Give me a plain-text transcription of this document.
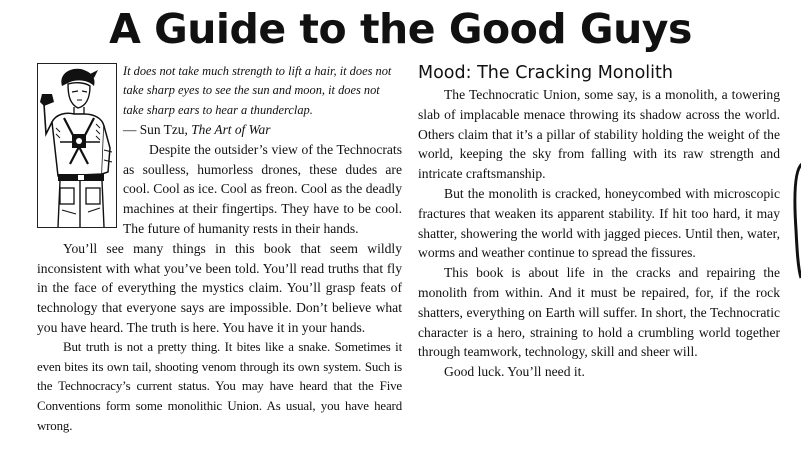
A Guide to the Good Guys

It does not take much strength to lift a hair, it does not take sharp eyes to see the sun and moon, it does not take sharp ears to hear a thunderclap.

— Sun Tzu, The Art of War

Despite the outsider’s view of the Technocrats as soulless, humorless drones, these dudes are cool. Cool as ice. Cool as freon. Cool as the deadly machines at their fingertips. They have to be cool. The future of humanity rests in their hands.

You’ll see many things in this book that seem wildly inconsistent with what you’ve been told. You’ll read truths that fly in the face of everything the mystics claim. You’ll grasp feats of technology that everyone says are impossible. Don’t believe what you have heard. The truth is here. You have it in your hands.

But truth is not a pretty thing. It bites like a snake. Sometimes it even bites its own tail, shooting venom through its own system. Such is the Technocracy’s current status. You may have heard that the Five Conventions form some monolithic Union. As usual, you have heard wrong.

Mood: The Cracking Monolith

The Technocratic Union, some say, is a monolith, a towering slab of implacable menace throwing its shadow across the world. Others claim that it’s a pillar of stability holding the weight of the world, keeping the sky from falling with its raw strength and intricate craftsmanship.

But the monolith is cracked, honeycombed with microscopic fractures that weaken its apparent stability. If hit too hard, it may shatter, showering the world with jagged pieces. Until then, water, worms and weather continue to spread the fissures.

This book is about life in the cracks and repairing the monolith from within. And it must be repaired, for, if the rock shatters, everything on Earth will suffer. In short, the Technocratic character is a hero, straining to hold a crumbling world together through teamwork, technology, skill and sheer will.

Good luck. You’ll need it.
